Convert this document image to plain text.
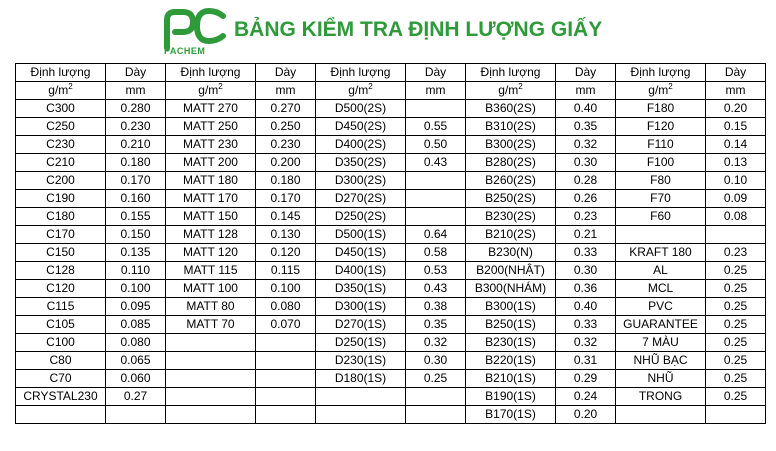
PACHEM
BẢNG KIỂM TRA ĐỊNH LƯỢNG GIẤY
Định lượng	Dày	Định lượng	Dày	Định lượng	Dày	Định lượng	Dày	Định lượng	Dày
$g/m^2$	mm	$g/m^2$	mm	$g/m^2$	mm	$g/m^2$	mm	$g/m^2$	mm
C300	0.280	MATT 270	0.270	D500(2S)		B360(2S)	0.40	F180	0.20
C250	0.230	MATT 250	0.250	D450(2S)	0.55	B310(2S)	0.35	F120	0.15
C230	0.210	MATT 230	0.230	D400(2S)	0.50	B300(2S)	0.32	F110	0.14
C210	0.180	MATT 200	0.200	D350(2S)	0.43	B280(2S)	0.30	F100	0.13
C200	0.170	MATT 180	0.180	D300(2S)		B260(2S)	0.28	F80	0.10
C190	0.160	MATT 170	0.170	D270(2S)		B250(2S)	0.26	F70	0.09
C180	0.155	MATT 150	0.145	D250(2S)		B230(2S)	0.23	F60	0.08
C170	0.150	MATT 128	0.130	D500(1S)	0.64	B210(2S)	0.21		
C150	0.135	MATT 120	0.120	D450(1S)	0.58	B230(N)	0.33	KRAFT 180	0.23
C128	0.110	MATT 115	0.115	D400(1S)	0.53	B200(NHẬT)	0.30	AL	0.25
C120	0.100	MATT 100	0.100	D350(1S)	0.43	B300(NHÁM)	0.36	MCL	0.25
C115	0.095	MATT 80	0.080	D300(1S)	0.38	B300(1S)	0.40	PVC	0.25
C105	0.085	MATT 70	0.070	D270(1S)	0.35	B250(1S)	0.33	GUARANTEE	0.25
C100	0.080			D250(1S)	0.32	B230(1S)	0.32	7 MÀU	0.25
C80	0.065			D230(1S)	0.30	B220(1S)	0.31	NHŨ BẠC	0.25
C70	0.060			D180(1S)	0.25	B210(1S)	0.29	NHŨ	0.25
CRYSTAL230	0.27					B190(1S)	0.24	TRONG	0.25
						B170(1S)	0.20		
